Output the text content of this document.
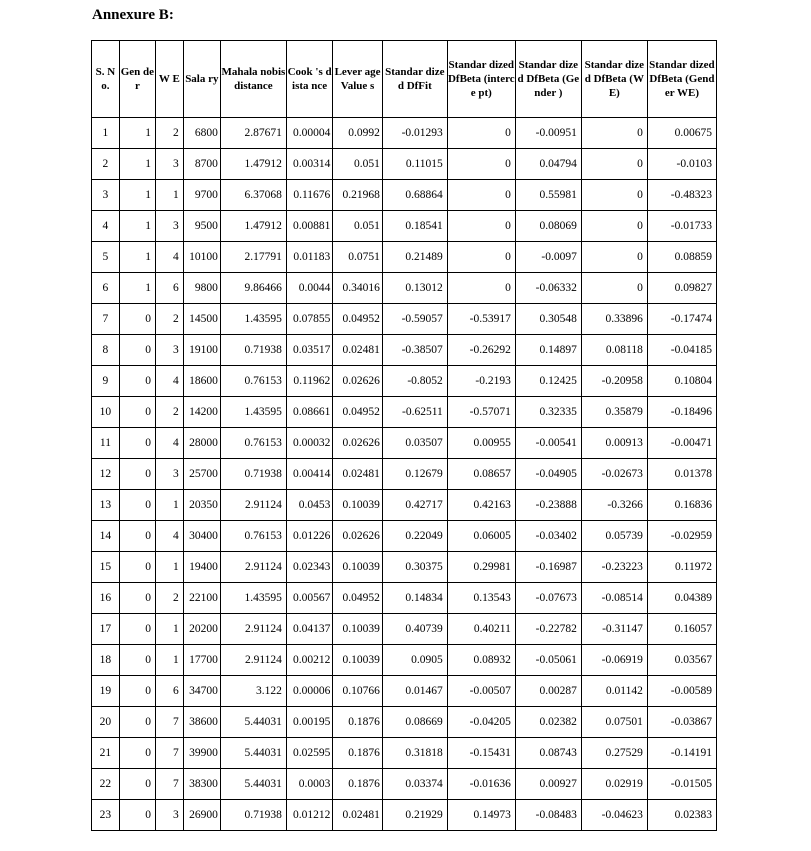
Annexure B:
S. N o.	Gen der	W E	Sala ry	Mahala nobis distance	Cook 's dista nce	Lever age Value s	Standar dized DfFit	Standar dized DfBeta (interce pt)	Standar dized DfBeta (Gender )	Standar dized DfBeta (WE)	Standar dized DfBeta (Gender WE)
1	1	2	6800	2.87671	0.00004	0.0992	-0.01293	0	-0.00951	0	0.00675
2	1	3	8700	1.47912	0.00314	0.051	0.11015	0	0.04794	0	-0.0103
3	1	1	9700	6.37068	0.11676	0.21968	0.68864	0	0.55981	0	-0.48323
4	1	3	9500	1.47912	0.00881	0.051	0.18541	0	0.08069	0	-0.01733
5	1	4	10100	2.17791	0.01183	0.0751	0.21489	0	-0.0097	0	0.08859
6	1	6	9800	9.86466	0.0044	0.34016	0.13012	0	-0.06332	0	0.09827
7	0	2	14500	1.43595	0.07855	0.04952	-0.59057	-0.53917	0.30548	0.33896	-0.17474
8	0	3	19100	0.71938	0.03517	0.02481	-0.38507	-0.26292	0.14897	0.08118	-0.04185
9	0	4	18600	0.76153	0.11962	0.02626	-0.8052	-0.2193	0.12425	-0.20958	0.10804
10	0	2	14200	1.43595	0.08661	0.04952	-0.62511	-0.57071	0.32335	0.35879	-0.18496
11	0	4	28000	0.76153	0.00032	0.02626	0.03507	0.00955	-0.00541	0.00913	-0.00471
12	0	3	25700	0.71938	0.00414	0.02481	0.12679	0.08657	-0.04905	-0.02673	0.01378
13	0	1	20350	2.91124	0.0453	0.10039	0.42717	0.42163	-0.23888	-0.3266	0.16836
14	0	4	30400	0.76153	0.01226	0.02626	0.22049	0.06005	-0.03402	0.05739	-0.02959
15	0	1	19400	2.91124	0.02343	0.10039	0.30375	0.29981	-0.16987	-0.23223	0.11972
16	0	2	22100	1.43595	0.00567	0.04952	0.14834	0.13543	-0.07673	-0.08514	0.04389
17	0	1	20200	2.91124	0.04137	0.10039	0.40739	0.40211	-0.22782	-0.31147	0.16057
18	0	1	17700	2.91124	0.00212	0.10039	0.0905	0.08932	-0.05061	-0.06919	0.03567
19	0	6	34700	3.122	0.00006	0.10766	0.01467	-0.00507	0.00287	0.01142	-0.00589
20	0	7	38600	5.44031	0.00195	0.1876	0.08669	-0.04205	0.02382	0.07501	-0.03867
21	0	7	39900	5.44031	0.02595	0.1876	0.31818	-0.15431	0.08743	0.27529	-0.14191
22	0	7	38300	5.44031	0.0003	0.1876	0.03374	-0.01636	0.00927	0.02919	-0.01505
23	0	3	26900	0.71938	0.01212	0.02481	0.21929	0.14973	-0.08483	-0.04623	0.02383
